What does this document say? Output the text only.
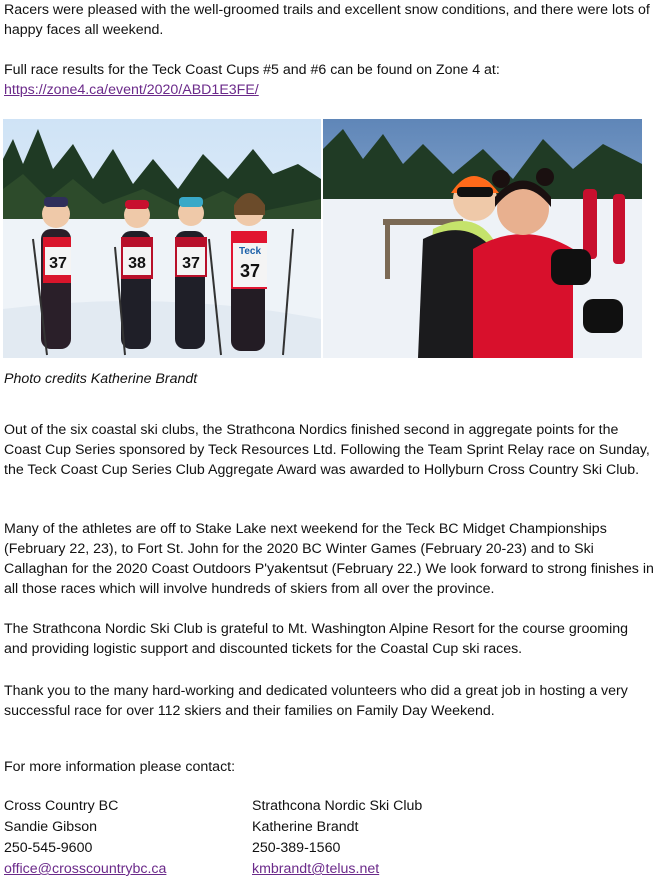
Racers were pleased with the well-groomed trails and excellent snow conditions, and there were lots of happy faces all weekend.

Full race results for the Teck Coast Cups #5 and #6 can be found on Zone 4 at:
https://zone4.ca/event/2020/ABD1E3FE/

37	38 37
Teck
37

Photo credits Katherine Brandt

Out of the six coastal ski clubs, the Strathcona Nordics finished second in aggregate points for the Coast Cup Series sponsored by Teck Resources Ltd. Following the Team Sprint Relay race on Sunday, the Teck Coast Cup Series Club Aggregate Award was awarded to Hollyburn Cross Country Ski Club.

Many of the athletes are off to Stake Lake next weekend for the Teck BC Midget Championships (February 22, 23), to Fort St. John for the 2020 BC Winter Games (February 20-23) and to Ski Callaghan for the 2020 Coast Outdoors P'yakentsut (February 22.) We look forward to strong finishes in all those races which will involve hundreds of skiers from all over the province.

The Strathcona Nordic Ski Club is grateful to Mt. Washington Alpine Resort for the course grooming and providing logistic support and discounted tickets for the Coastal Cup ski races.

Thank you to the many hard-working and dedicated volunteers who did a great job in hosting a very successful race for over 112 skiers and their families on Family Day Weekend.

For more information please contact:

Cross Country BC
Sandie Gibson
250-545-9600
office@crosscountrybc.ca
Strathcona Nordic Ski Club
Katherine Brandt
250-389-1560
kmbrandt@telus.net
